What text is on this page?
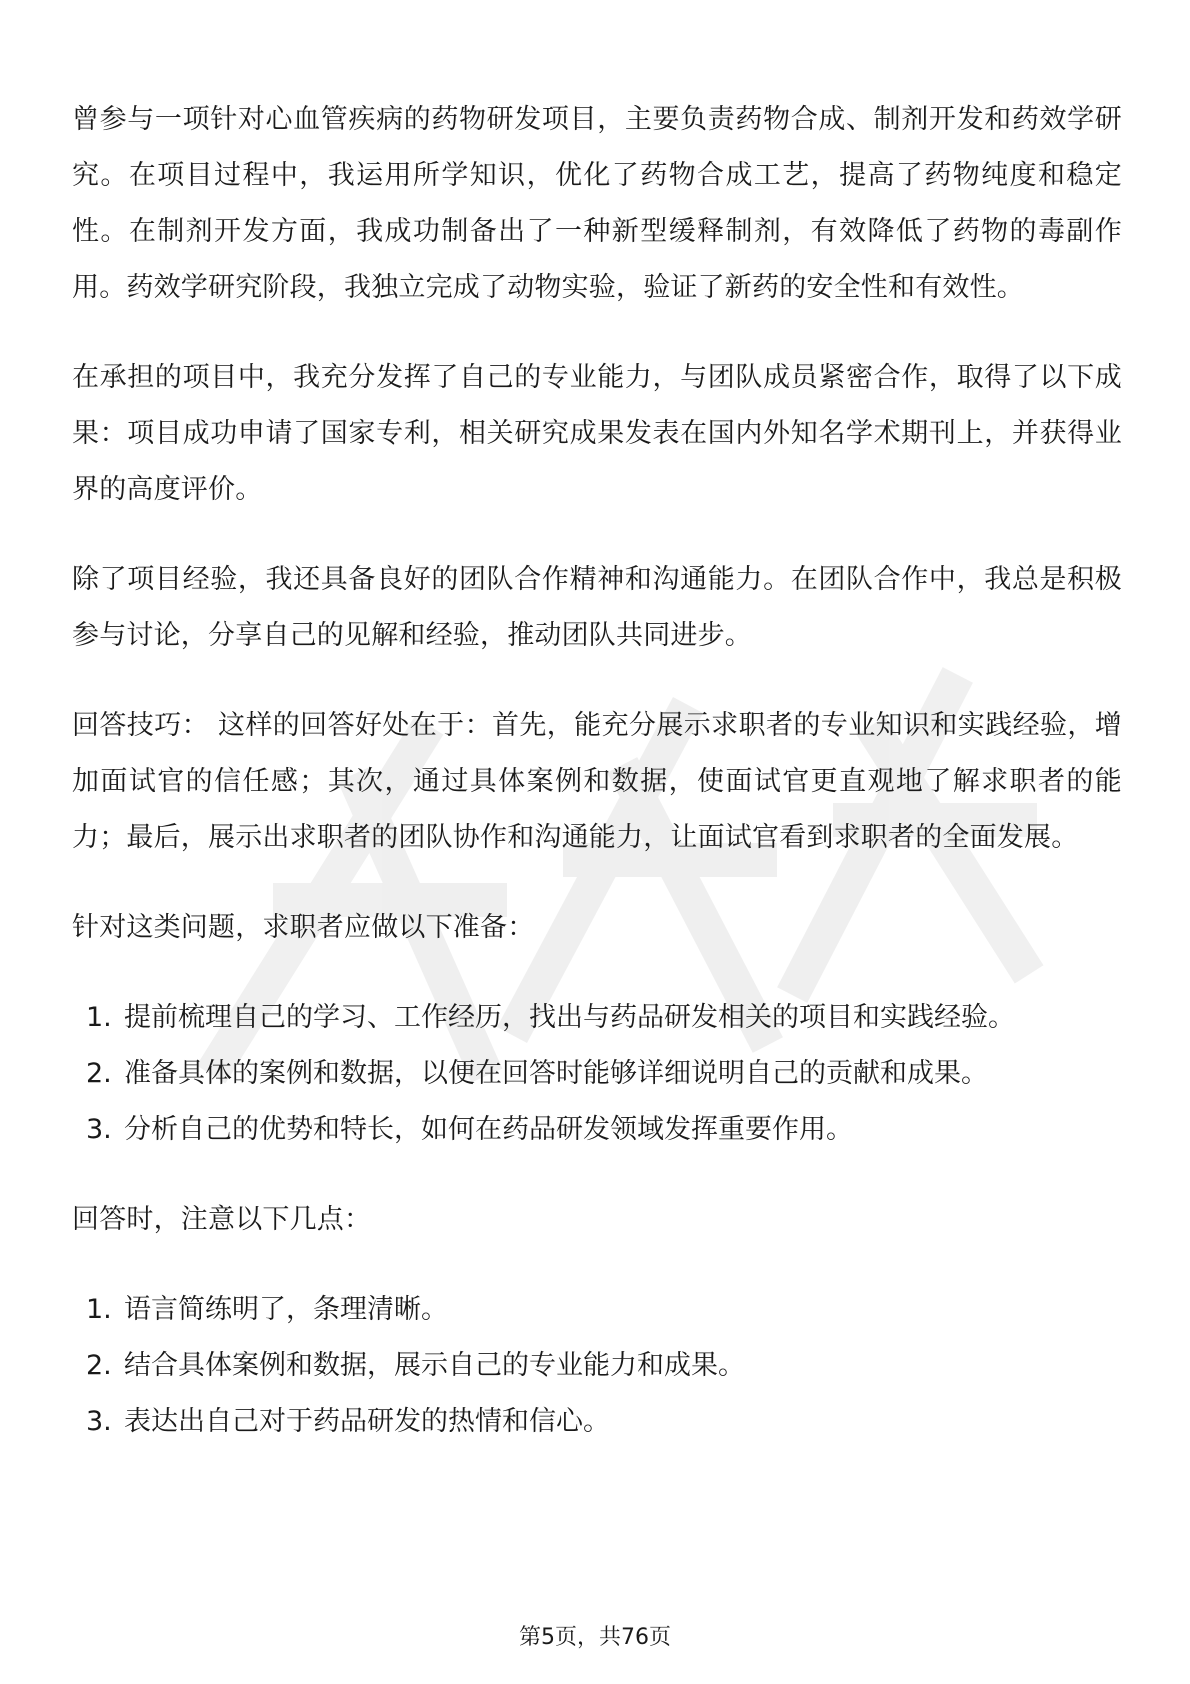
曾参与一项针对心血管疾病的药物研发项目，主要负责药物合成、制剂开发和药效学研究。在项目过程中，我运用所学知识，优化了药物合成工艺，提高了药物纯度和稳定性。在制剂开发方面，我成功制备出了一种新型缓释制剂，有效降低了药物的毒副作用。药效学研究阶段，我独立完成了动物实验，验证了新药的安全性和有效性。

在承担的项目中，我充分发挥了自己的专业能力，与团队成员紧密合作，取得了以下成果：项目成功申请了国家专利，相关研究成果发表在国内外知名学术期刊上，并获得业界的高度评价。

除了项目经验，我还具备良好的团队合作精神和沟通能力。在团队合作中，我总是积极参与讨论，分享自己的见解和经验，推动团队共同进步。

回答技巧： 这样的回答好处在于：首先，能充分展示求职者的专业知识和实践经验，增加面试官的信任感；其次，通过具体案例和数据，使面试官更直观地了解求职者的能力；最后，展示出求职者的团队协作和沟通能力，让面试官看到求职者的全面发展。

针对这类问题，求职者应做以下准备：

1. 提前梳理自己的学习、工作经历，找出与药品研发相关的项目和实践经验。
2. 准备具体的案例和数据，以便在回答时能够详细说明自己的贡献和成果。
3. 分析自己的优势和特长，如何在药品研发领域发挥重要作用。

回答时，注意以下几点：

1. 语言简练明了，条理清晰。
2. 结合具体案例和数据，展示自己的专业能力和成果。
3. 表达出自己对于药品研发的热情和信心。
第5页，共76页
